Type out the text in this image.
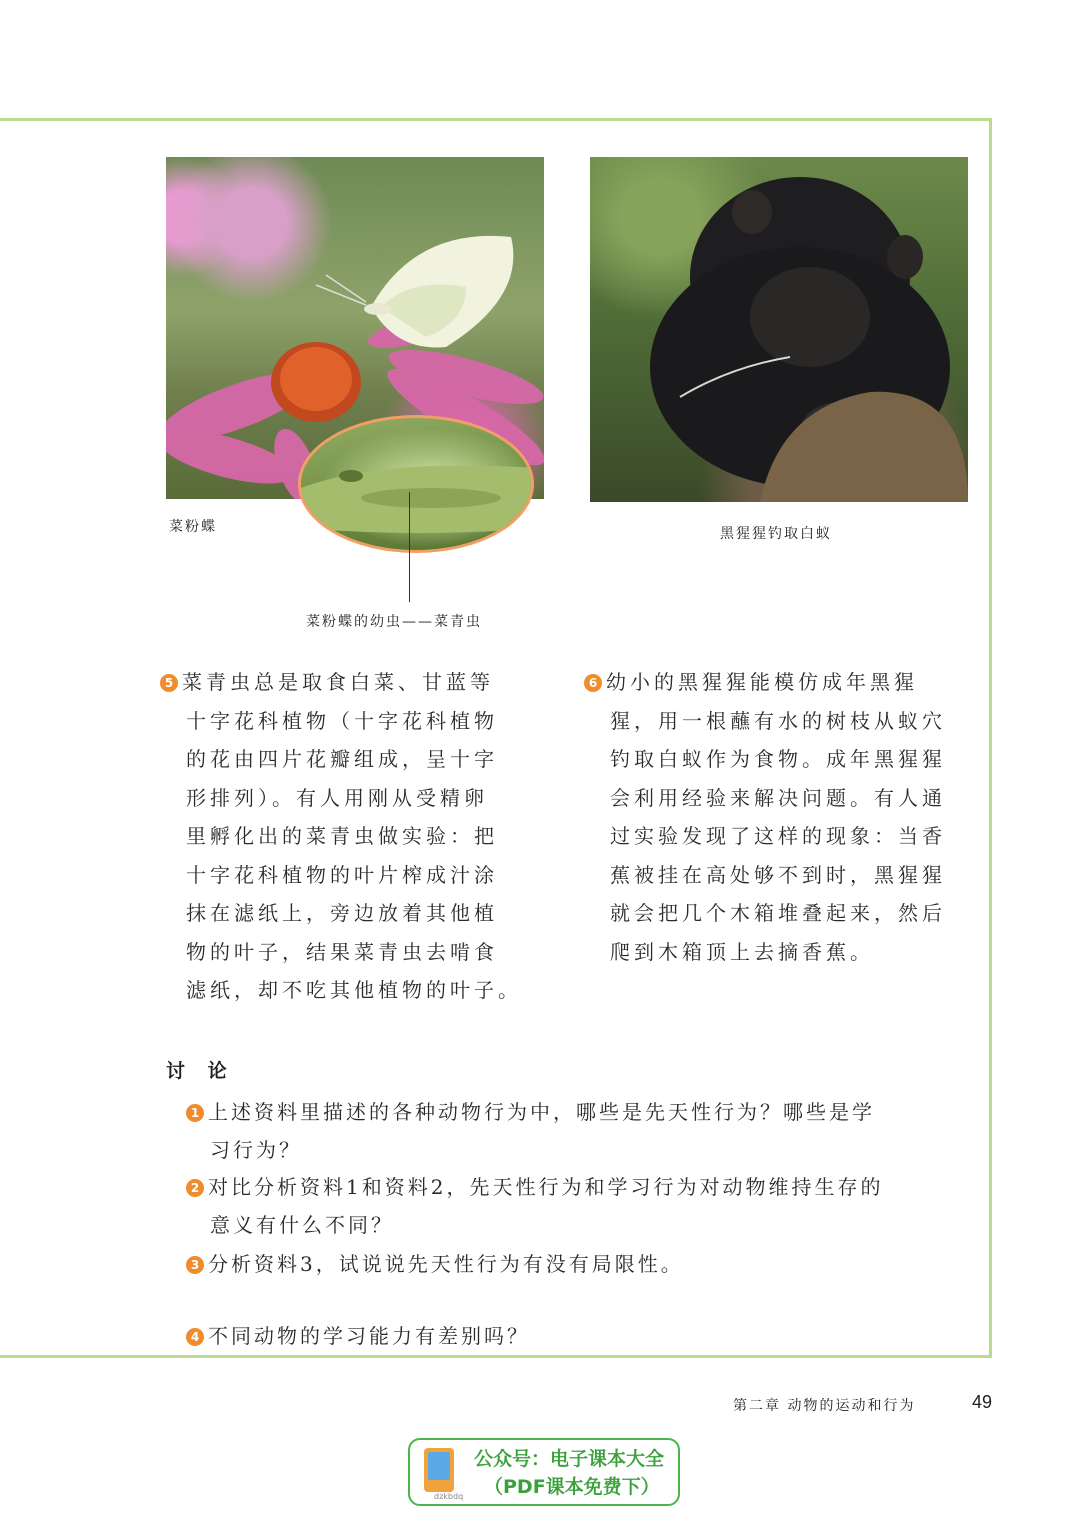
菜粉蝶	黑猩猩钓取白蚁
菜粉蝶的幼虫——菜青虫
5 菜青虫总是取食白菜、甘蓝等
十字花科植物（十字花科植物
的花由四片花瓣组成，呈十字
形排列）。有人用刚从受精卵
里孵化出的菜青虫做实验：把
十字花科植物的叶片榨成汁涂
抹在滤纸上，旁边放着其他植
物的叶子，结果菜青虫去啃食
滤纸，却不吃其他植物的叶子。
6 幼小的黑猩猩能模仿成年黑猩
猩，用一根蘸有水的树枝从蚁穴
钓取白蚁作为食物。成年黑猩猩
会利用经验来解决问题。有人通
过实验发现了这样的现象：当香
蕉被挂在高处够不到时，黑猩猩
就会把几个木箱堆叠起来，然后
爬到木箱顶上去摘香蕉。
讨 论
1 上述资料里描述的各种动物行为中，哪些是先天性行为？哪些是学
习行为？
2 对比分析资料1和资料2，先天性行为和学习行为对动物维持生存的
意义有什么不同？
3 分析资料3，试说说先天性行为有没有局限性。
4 不同动物的学习能力有差别吗？
第二章 动物的运动和行为	49
dzkbdq
公众号：电子课本大全
（PDF课本免费下）
